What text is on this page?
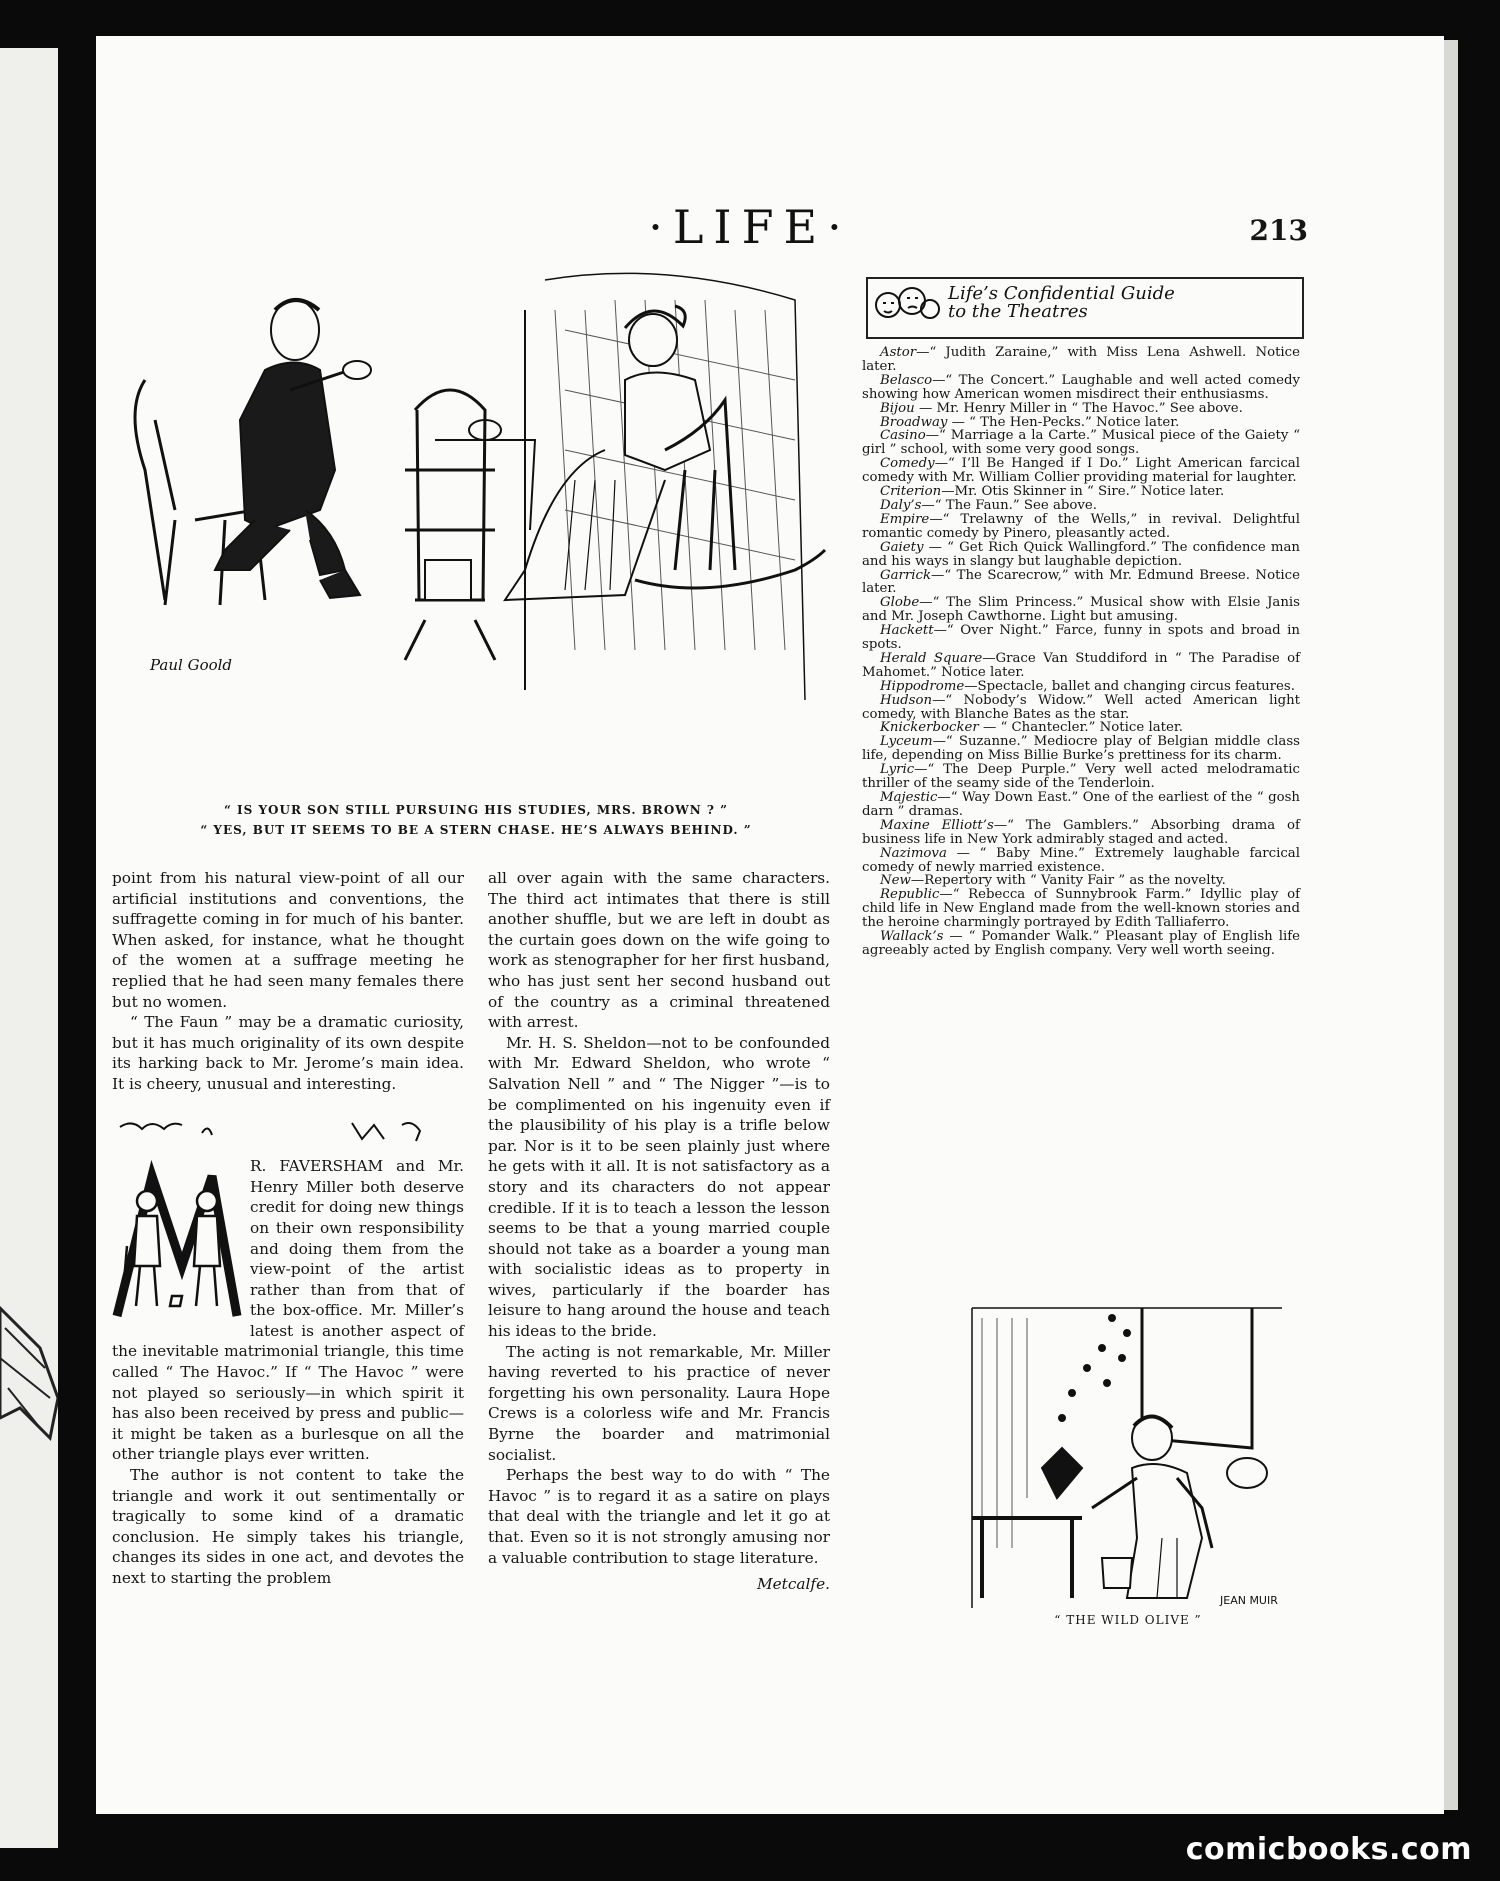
·LIFE·	213
Paul Goold
“ IS YOUR SON STILL PURSUING HIS STUDIES, MRS. BROWN ? ”
“ YES, BUT IT SEEMS TO BE A STERN CHASE. HE’S ALWAYS BEHIND. ”

point from his natural view-point of all our artificial institutions and conventions, the suffragette coming in for much of his banter. When asked, for instance, what he thought of the women at a suffrage meeting he replied that he had seen many females there but no women.

“ The Faun ” may be a dramatic curiosity, but it has much originality of its own despite its harking back to Mr. Jerome’s main idea. It is cheery, unusual and interesting.

R. FAVERSHAM and Mr. Henry Miller both deserve credit for doing new things on their own responsibility and doing them from the view-point of the artist rather than from that of the box-office. Mr. Miller’s latest is another aspect of the inevitable matrimonial triangle, this time called “ The Havoc.” If “ The Havoc ” were not played so seriously—in which spirit it has also been received by press and public—it might be taken as a burlesque on all the other triangle plays ever written.

The author is not content to take the triangle and work it out sentimentally or tragically to some kind of a dramatic conclusion. He simply takes his triangle, changes its sides in one act, and devotes the next to starting the problem

all over again with the same characters. The third act intimates that there is still another shuffle, but we are left in doubt as the curtain goes down on the wife going to work as stenographer for her first husband, who has just sent her second husband out of the country as a criminal threatened with arrest.

Mr. H. S. Sheldon—not to be confounded with Mr. Edward Sheldon, who wrote “ Salvation Nell ” and “ The Nigger ”—is to be complimented on his ingenuity even if the plausibility of his play is a trifle below par. Nor is it to be seen plainly just where he gets with it all. It is not satisfactory as a story and its characters do not appear credible. If it is to teach a lesson the lesson seems to be that a young married couple should not take as a boarder a young man with socialistic ideas as to property in wives, particularly if the boarder has leisure to hang around the house and teach his ideas to the bride.

The acting is not remarkable, Mr. Miller having reverted to his practice of never forgetting his own personality. Laura Hope Crews is a colorless wife and Mr. Francis Byrne the boarder and matrimonial socialist.

Perhaps the best way to do with “ The Havoc ” is to regard it as a satire on plays that deal with the triangle and let it go at that. Even so it is not strongly amusing nor a valuable contribution to stage literature.

Metcalfe.

Life’s Confidential Guide
to the Theatres

Astor—“ Judith Zaraine,” with Miss Lena Ashwell. Notice later.

Belasco—“ The Concert.” Laughable and well acted comedy showing how American women misdirect their enthusiasms.

Bijou — Mr. Henry Miller in “ The Havoc.” See above.

Broadway — “ The Hen-Pecks.” Notice later.

Casino—“ Marriage a la Carte.” Musical piece of the Gaiety “ girl ” school, with some very good songs.

Comedy—“ I’ll Be Hanged if I Do.” Light American farcical comedy with Mr. William Collier providing material for laughter.

Criterion—Mr. Otis Skinner in “ Sire.” Notice later.

Daly’s—“ The Faun.” See above.

Empire—“ Trelawny of the Wells,” in revival. Delightful romantic comedy by Pinero, pleasantly acted.

Gaiety — “ Get Rich Quick Wallingford.” The confidence man and his ways in slangy but laughable depiction.

Garrick—“ The Scarecrow,” with Mr. Edmund Breese. Notice later.

Globe—“ The Slim Princess.” Musical show with Elsie Janis and Mr. Joseph Cawthorne. Light but amusing.

Hackett—“ Over Night.” Farce, funny in spots and broad in spots.

Herald Square—Grace Van Studdiford in “ The Paradise of Mahomet.” Notice later.

Hippodrome—Spectacle, ballet and changing circus features.

Hudson—“ Nobody’s Widow.” Well acted American light comedy, with Blanche Bates as the star.

Knickerbocker — “ Chantecler.” Notice later.

Lyceum—“ Suzanne.” Mediocre play of Belgian middle class life, depending on Miss Billie Burke’s prettiness for its charm.

Lyric—“ The Deep Purple.” Very well acted melodramatic thriller of the seamy side of the Tenderloin.

Majestic—“ Way Down East.” One of the earliest of the “ gosh darn ” dramas.

Maxine Elliott’s—“ The Gamblers.” Absorbing drama of business life in New York admirably staged and acted.

Nazimova — “ Baby Mine.” Extremely laughable farcical comedy of newly married existence.

New—Repertory with “ Vanity Fair ” as the novelty.

Republic—“ Rebecca of Sunnybrook Farm.” Idyllic play of child life in New England made from the well-known stories and the heroine charmingly portrayed by Edith Talliaferro.

Wallack’s — “ Pomander Walk.” Pleasant play of English life agreeably acted by English company. Very well worth seeing.

JEAN MUIR
“ THE WILD OLIVE ”
comicbooks.com
